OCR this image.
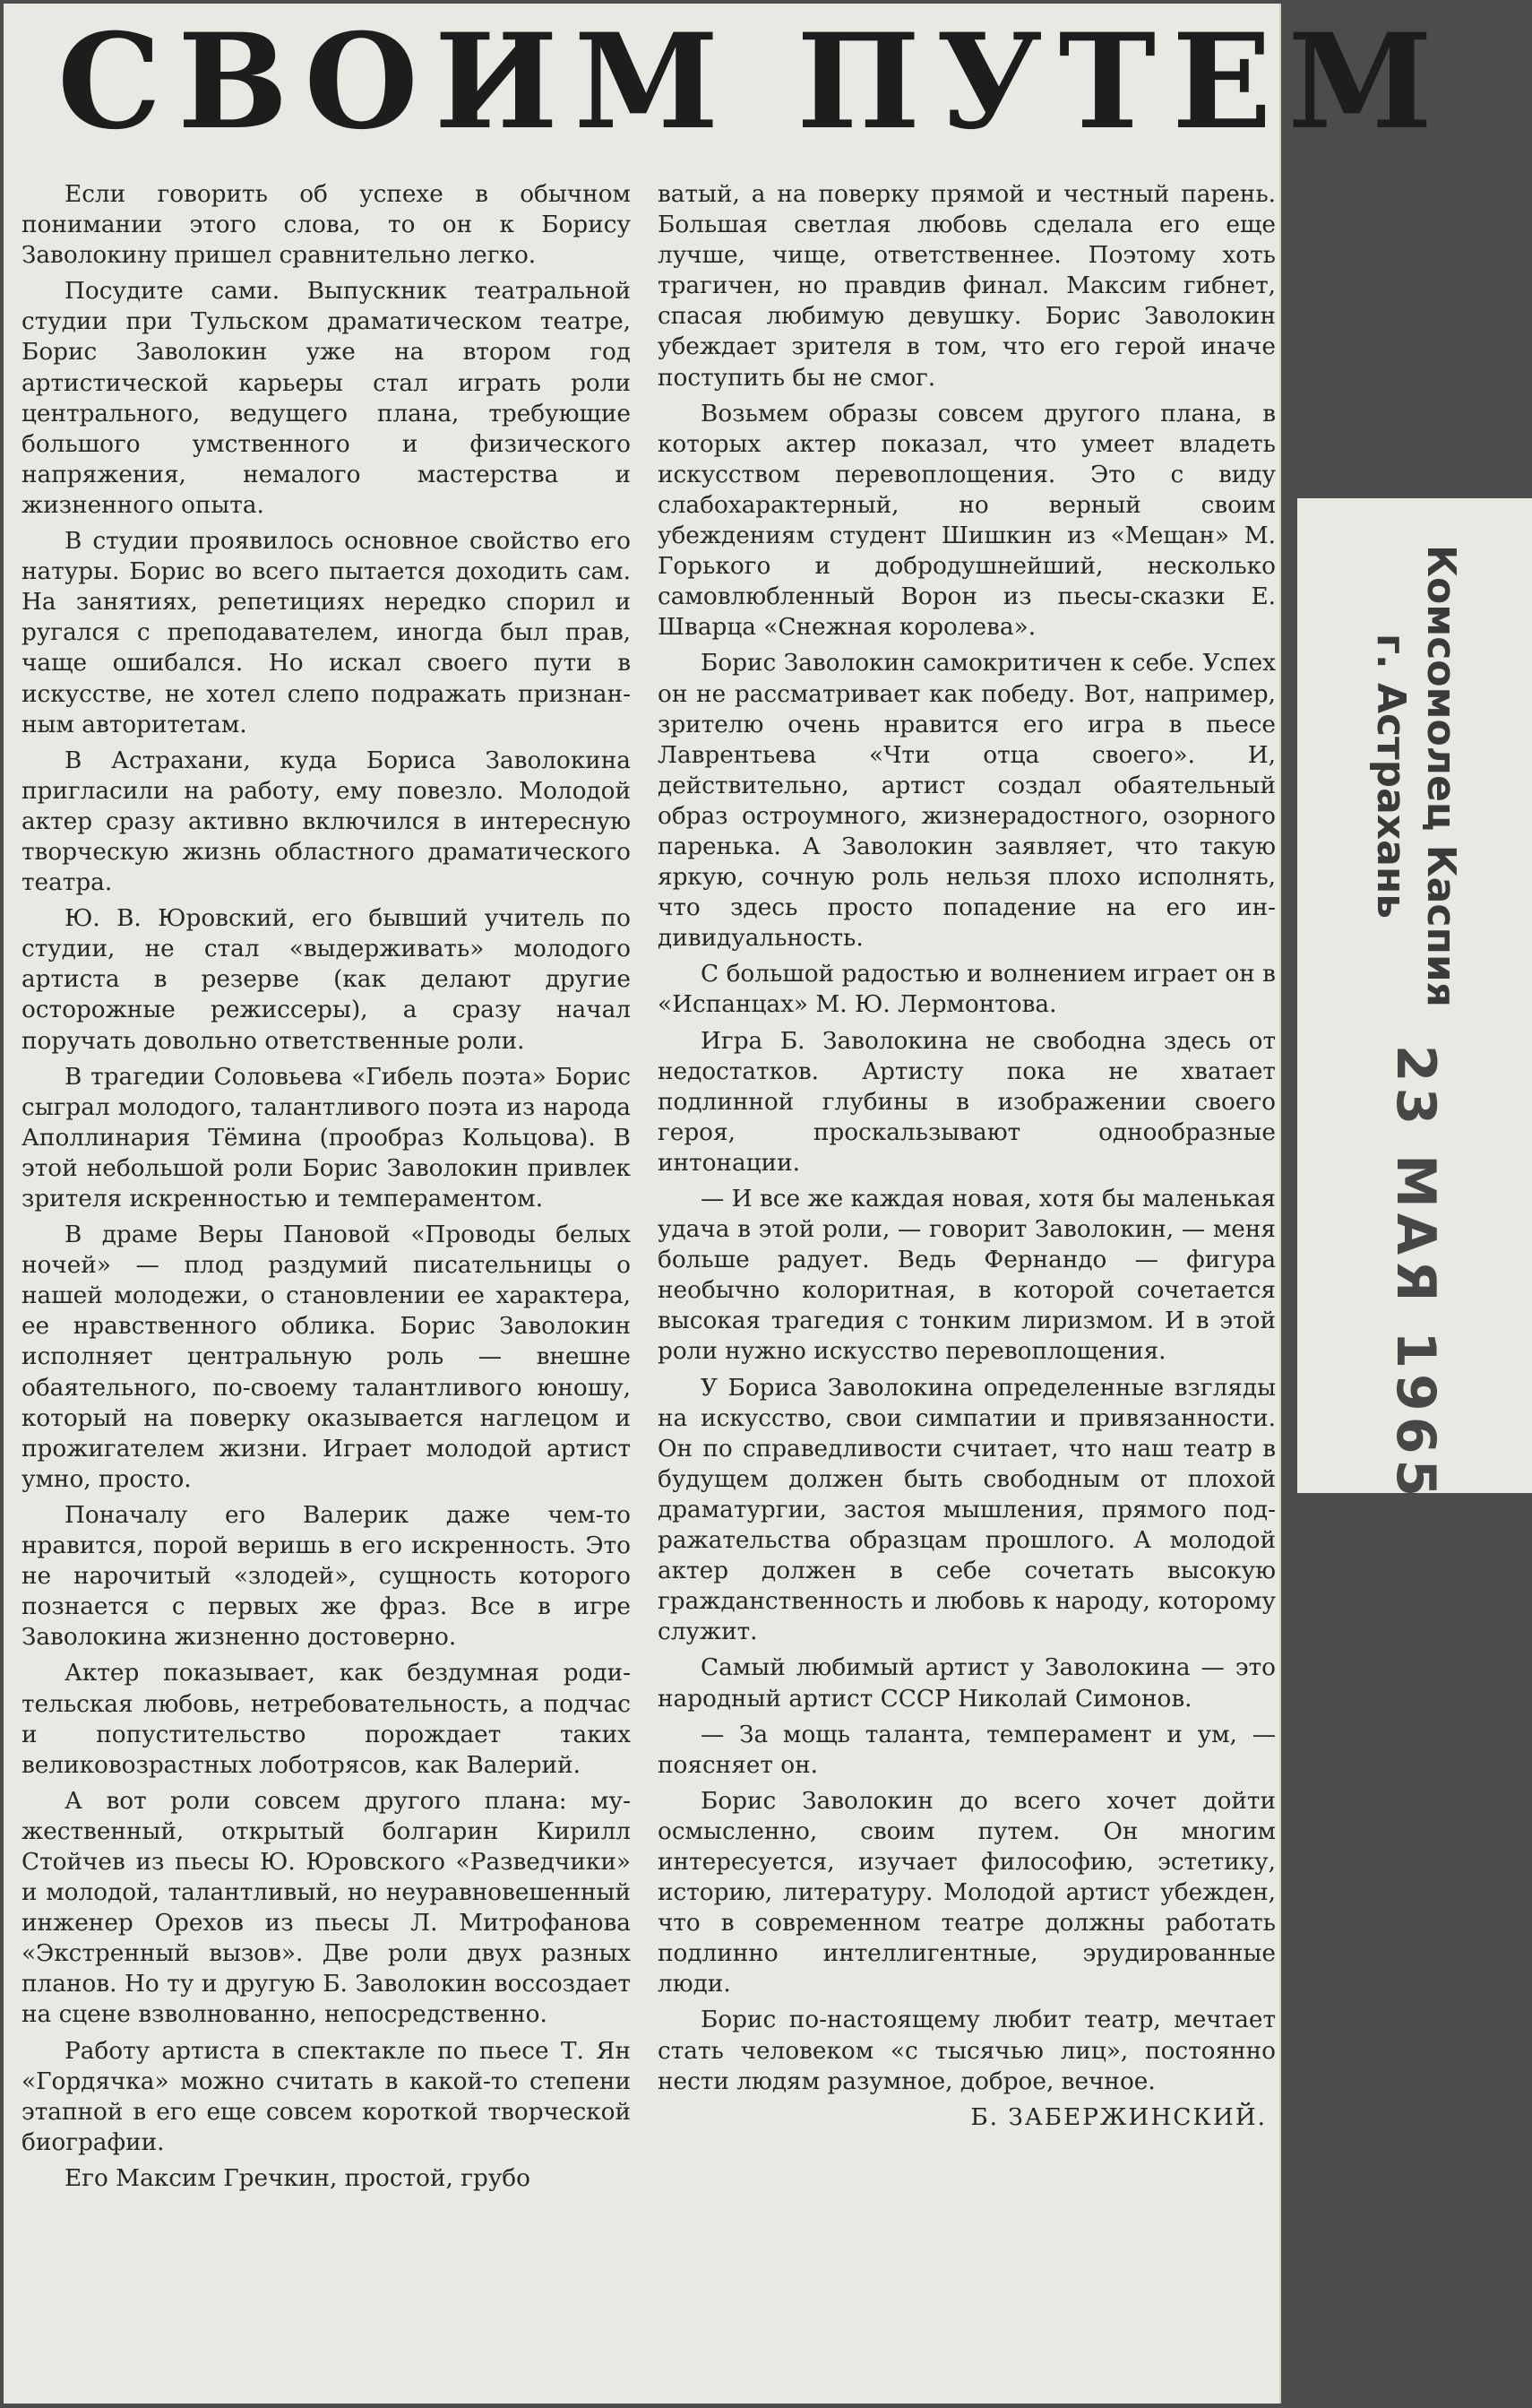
СВОИМ ПУТЕМ

Если говорить об успехе в обычном понимании этого слова, то он к Борису Заволокину пришел сравнительно легко.

Посудите сами. Выпускник театральной студии при Тульском драматическом театре, Борис Заволокин уже на втором год артистической карьеры стал играть роли центрального, ведущего плана, требующие большого умственного и физического напряжения, немалого мастерства и жизненного опыта.

В студии проявилось основное свойство его натуры. Борис во всего пытается доходить сам. На занятиях, репетициях нередко спорил и ругался с преподавателем, иногда был прав, чаще ошибался. Но искал своего пути в искусстве, не хотел слепо подражать признанным авторитетам.

В Астрахани, куда Бориса Заволокина пригласили на работу, ему повезло. Молодой актер сразу активно включился в интересную творческую жизнь областного драматического театра.

Ю. В. Юровский, его бывший учитель по студии, не стал «выдерживать» молодого артиста в резерве (как делают другие осторожные режиссеры), а сразу начал поручать довольно ответственные роли.

В трагедии Соловьева «Гибель поэта» Борис сыграл молодого, талантливого поэта из народа Аполлинария Тёмина (прообраз Кольцова). В этой небольшой роли Борис Заволокин привлек зрителя искренностью и темпераментом.

В драме Веры Пановой «Проводы белых ночей» — плод раздумий писательницы о нашей молодежи, о становлении ее характера, ее нравственного облика. Борис Заволокин исполняет центральную роль — внешне обаятельного, по-своему талантливого юношу, который на поверку оказывается наглецом и прожигателем жизни. Играет молодой артист умно, просто.

Поначалу его Валерик даже чем-то нравится, порой веришь в его искренность. Это не нарочитый «злодей», сущность которого познается с первых же фраз. Все в игре Заволокина жизненно достоверно.

Актер показывает, как бездумная родительская любовь, нетребовательность, а подчас и попустительство порождает таких великовозрастных лоботрясов, как Валерий.

А вот роли совсем другого плана: мужественный, открытый болгарин Кирилл Стойчев из пьесы Ю. Юровского «Разведчики» и молодой, талантливый, но неуравновешенный инженер Орехов из пьесы Л. Митрофанова «Экстренный вызов». Две роли двух разных планов. Но ту и другую Б. Заволокин воссоздает на сцене взволнованно, непосредственно.

Работу артиста в спектакле по пьесе Т. Ян «Гордячка» можно считать в какой-то степени этапной в его еще совсем короткой творческой биографии.

Его Максим Гречкин, простой, грубо

ватый, а на поверку прямой и честный парень. Большая светлая любовь сделала его еще лучше, чище, ответственнее. Поэтому хоть трагичен, но правдив финал. Максим гибнет, спасая любимую девушку. Борис Заволокин убеждает зрителя в том, что его герой иначе поступить бы не смог.

Возьмем образы совсем другого плана, в которых актер показал, что умеет владеть искусством перевоплощения. Это с виду слабохарактерный, но верный своим убеждениям студент Шишкин из «Мещан» М. Горького и добродушнейший, несколько самовлюбленный Ворон из пьесы-сказки Е. Шварца «Снежная королева».

Борис Заволокин самокритичен к себе. Успех он не рассматривает как победу. Вот, например, зрителю очень нравится его игра в пьесе Лаврентьева «Чти отца своего». И, действительно, артист создал обаятельный образ остроумного, жизнерадостного, озорного паренька. А Заволокин заявляет, что такую яркую, сочную роль нельзя плохо исполнять, что здесь просто попадение на его индивидуальность.

С большой радостью и волнением играет он в «Испанцах» М. Ю. Лермонтова.

Игра Б. Заволокина не свободна здесь от недостатков. Артисту пока не хватает подлинной глубины в изображении своего героя, проскальзывают однообразные интонации.

— И все же каждая новая, хотя бы маленькая удача в этой роли, — говорит Заволокин, — меня больше радует. Ведь Фернандо — фигура необычно колоритная, в которой сочетается высокая трагедия с тонким лиризмом. И в этой роли нужно искусство перевоплощения.

У Бориса Заволокина определенные взгляды на искусство, свои симпатии и привязанности. Он по справедливости считает, что наш театр в будущем должен быть свободным от плохой драматургии, застоя мышления, прямого подражательства образцам прошлого. А молодой актер должен в себе сочетать высокую гражданственность и любовь к народу, которому служит.

Самый любимый артист у Заволокина — это народный артист СССР Николай Симонов.

— За мощь таланта, темперамент и ум, — поясняет он.

Борис Заволокин до всего хочет дойти осмысленно, своим путем. Он многим интересуется, изучает философию, эстетику, историю, литературу. Молодой артист убежден, что в современном театре должны работать подлинно интеллигентные, эрудированные люди.

Борис по-настоящему любит театр, мечтает стать человеком «с тысячью лиц», постоянно нести людям разумное, доброе, вечное.

Б. ЗАБЕРЖИНСКИЙ.

Комсомолец Каспия
г. Астрахань
23 МАЯ 1965
